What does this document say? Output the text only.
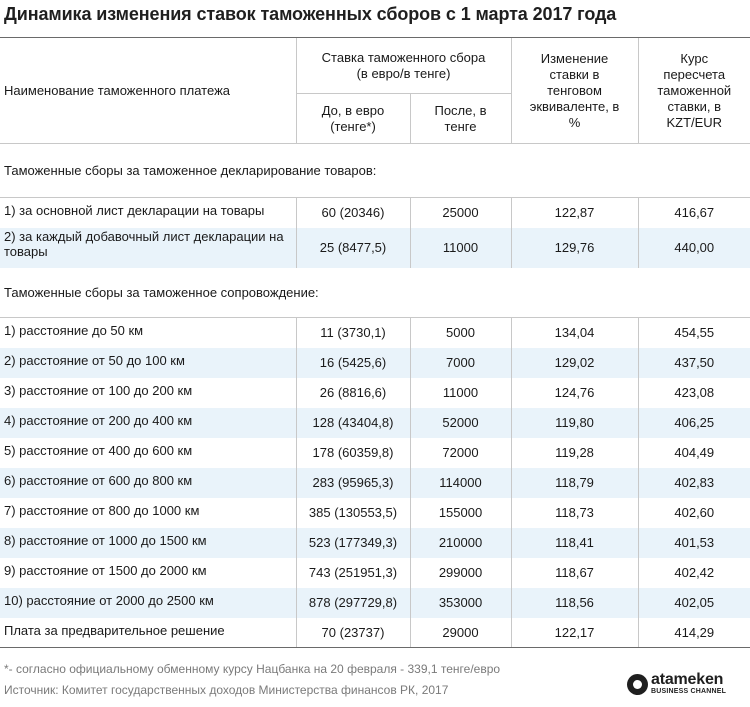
Динамика изменения ставок таможенных сборов с 1 марта 2017 года
Наименование таможенного платежа	Ставка таможенного сбора (в евро/в тенге)		Изменение ставки в тенговом эквиваленте, в %	Курс пересчета таможенной ставки, в KZT/EUR
	До, в евро (тенге*)	После, в тенге		
Таможенные сборы за таможенное декларирование товаров:				
1) за основной лист декларации на товары	60 (20346)	25000	122,87	416,67
2) за каждый добавочный лист декларации на товары	25 (8477,5)	11000	129,76	440,00
Таможенные сборы за таможенное сопровождение:				
1) расстояние до 50 км	11 (3730,1)	5000	134,04	454,55
2) расстояние от 50 до 100 км	16 (5425,6)	7000	129,02	437,50
3) расстояние от 100 до 200 км	26 (8816,6)	11000	124,76	423,08
4) расстояние от 200 до 400 км	128 (43404,8)	52000	119,80	406,25
5) расстояние от 400 до 600 км	178 (60359,8)	72000	119,28	404,49
6) расстояние от 600 до 800 км	283 (95965,3)	114000	118,79	402,83
7) расстояние от 800 до 1000 км	385 (130553,5)	155000	118,73	402,60
8) расстояние от 1000 до 1500 км	523 (177349,3)	210000	118,41	401,53
9) расстояние от 1500 до 2000 км	743 (251951,3)	299000	118,67	402,42
10) расстояние от 2000 до 2500 км	878 (297729,8)	353000	118,56	402,05
Плата за предварительное решение	70 (23737)	29000	122,17	414,29
*- согласно официальному обменному курсу Нацбанка на 20 февраля - 339,1 тенге/евро
Источник: Комитет государственных доходов Министерства финансов РК, 2017
atameken
BUSINESS CHANNEL
